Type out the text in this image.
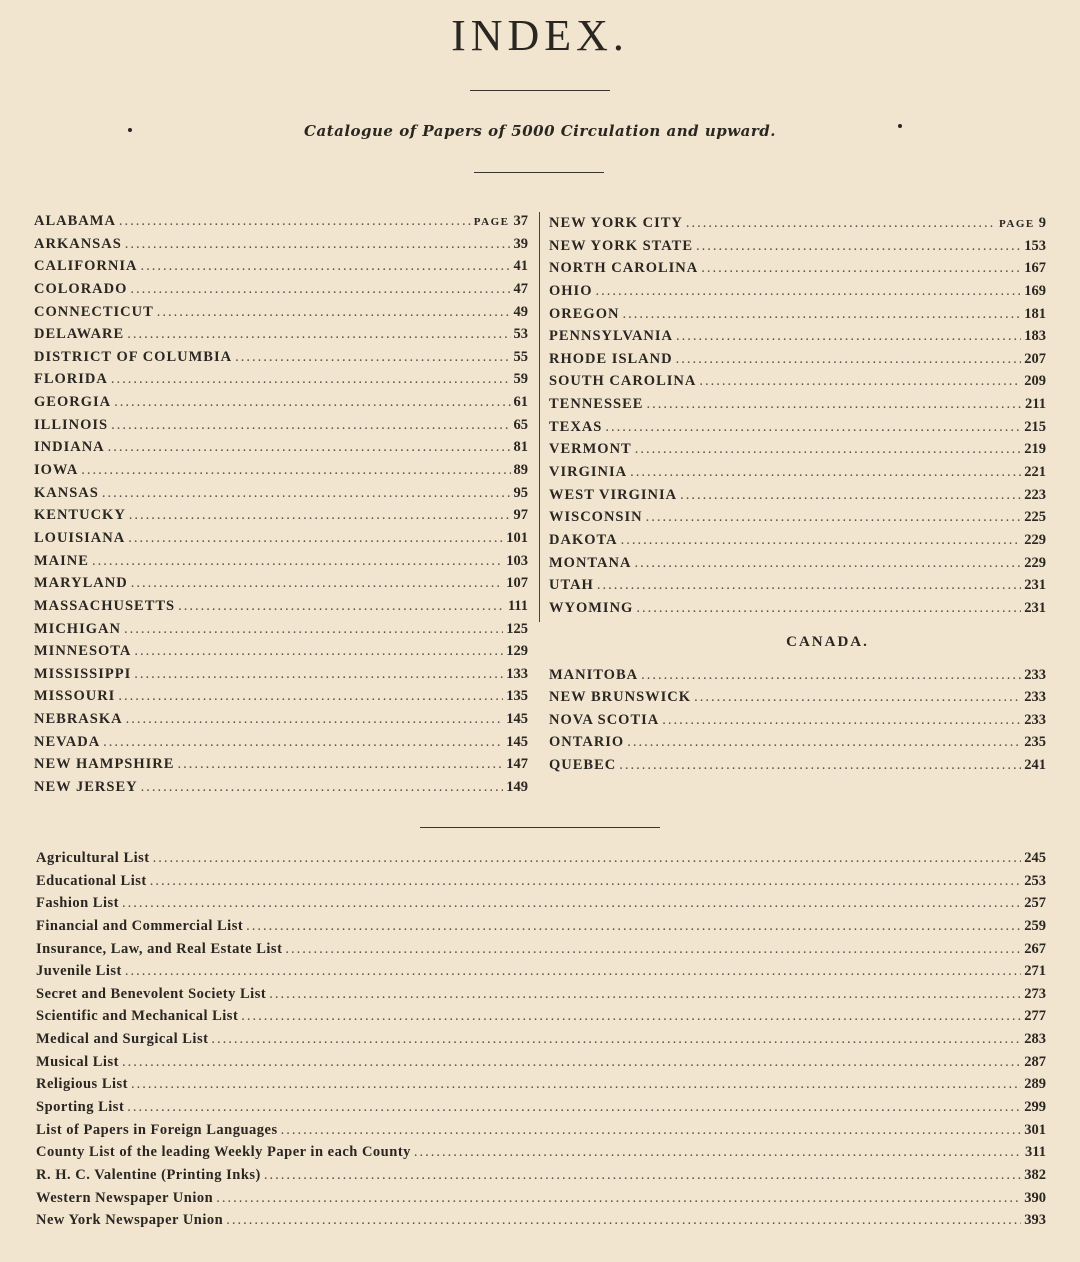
INDEX.
Catalogue of Papers of 5000 Circulation and upward.
ALABAMA .....	PAGE 37
ARKANSAS .....	39
CALIFORNIA .....	41
COLORADO .....	47
CONNECTICUT .....	49
DELAWARE .....	53
DISTRICT OF COLUMBIA .....	55
FLORIDA .....	59
GEORGIA .....	61
ILLINOIS .....	65
INDIANA .....	81
IOWA .....	89
KANSAS .....	95
KENTUCKY .....	97
LOUISIANA .....	101
MAINE .....	103
MARYLAND .....	107
MASSACHUSETTS .....	111
MICHIGAN .....	125
MINNESOTA .....	129
MISSISSIPPI .....	133
MISSOURI .....	135
NEBRASKA .....	145
NEVADA .....	145
NEW HAMPSHIRE .....	147
NEW JERSEY .....	149
NEW YORK CITY .....	PAGE 9
NEW YORK STATE .....	153
NORTH CAROLINA .....	167
OHIO .....	169
OREGON .....	181
PENNSYLVANIA .....	183
RHODE ISLAND .....	207
SOUTH CAROLINA .....	209
TENNESSEE .....	211
TEXAS .....	215
VERMONT .....	219
VIRGINIA .....	221
WEST VIRGINIA .....	223
WISCONSIN .....	225
DAKOTA .....	229
MONTANA .....	229
UTAH .....	231
WYOMING .....	231
CANADA.
MANITOBA .....	233
NEW BRUNSWICK .....	233
NOVA SCOTIA .....	233
ONTARIO .....	235
QUEBEC .....	241
Agricultural List .....	245
Educational List .....	253
Fashion List .....	257
Financial and Commercial List .....	259
Insurance, Law, and Real Estate List .....	267
Juvenile List .....	271
Secret and Benevolent Society List .....	273
Scientific and Mechanical List .....	277
Medical and Surgical List .....	283
Musical List .....	287
Religious List .....	289
Sporting List .....	299
List of Papers in Foreign Languages .....	301
County List of the leading Weekly Paper in each County .....	311
R. H. C. Valentine (Printing Inks) .....	382
Western Newspaper Union .....	390
New York Newspaper Union .....	393
